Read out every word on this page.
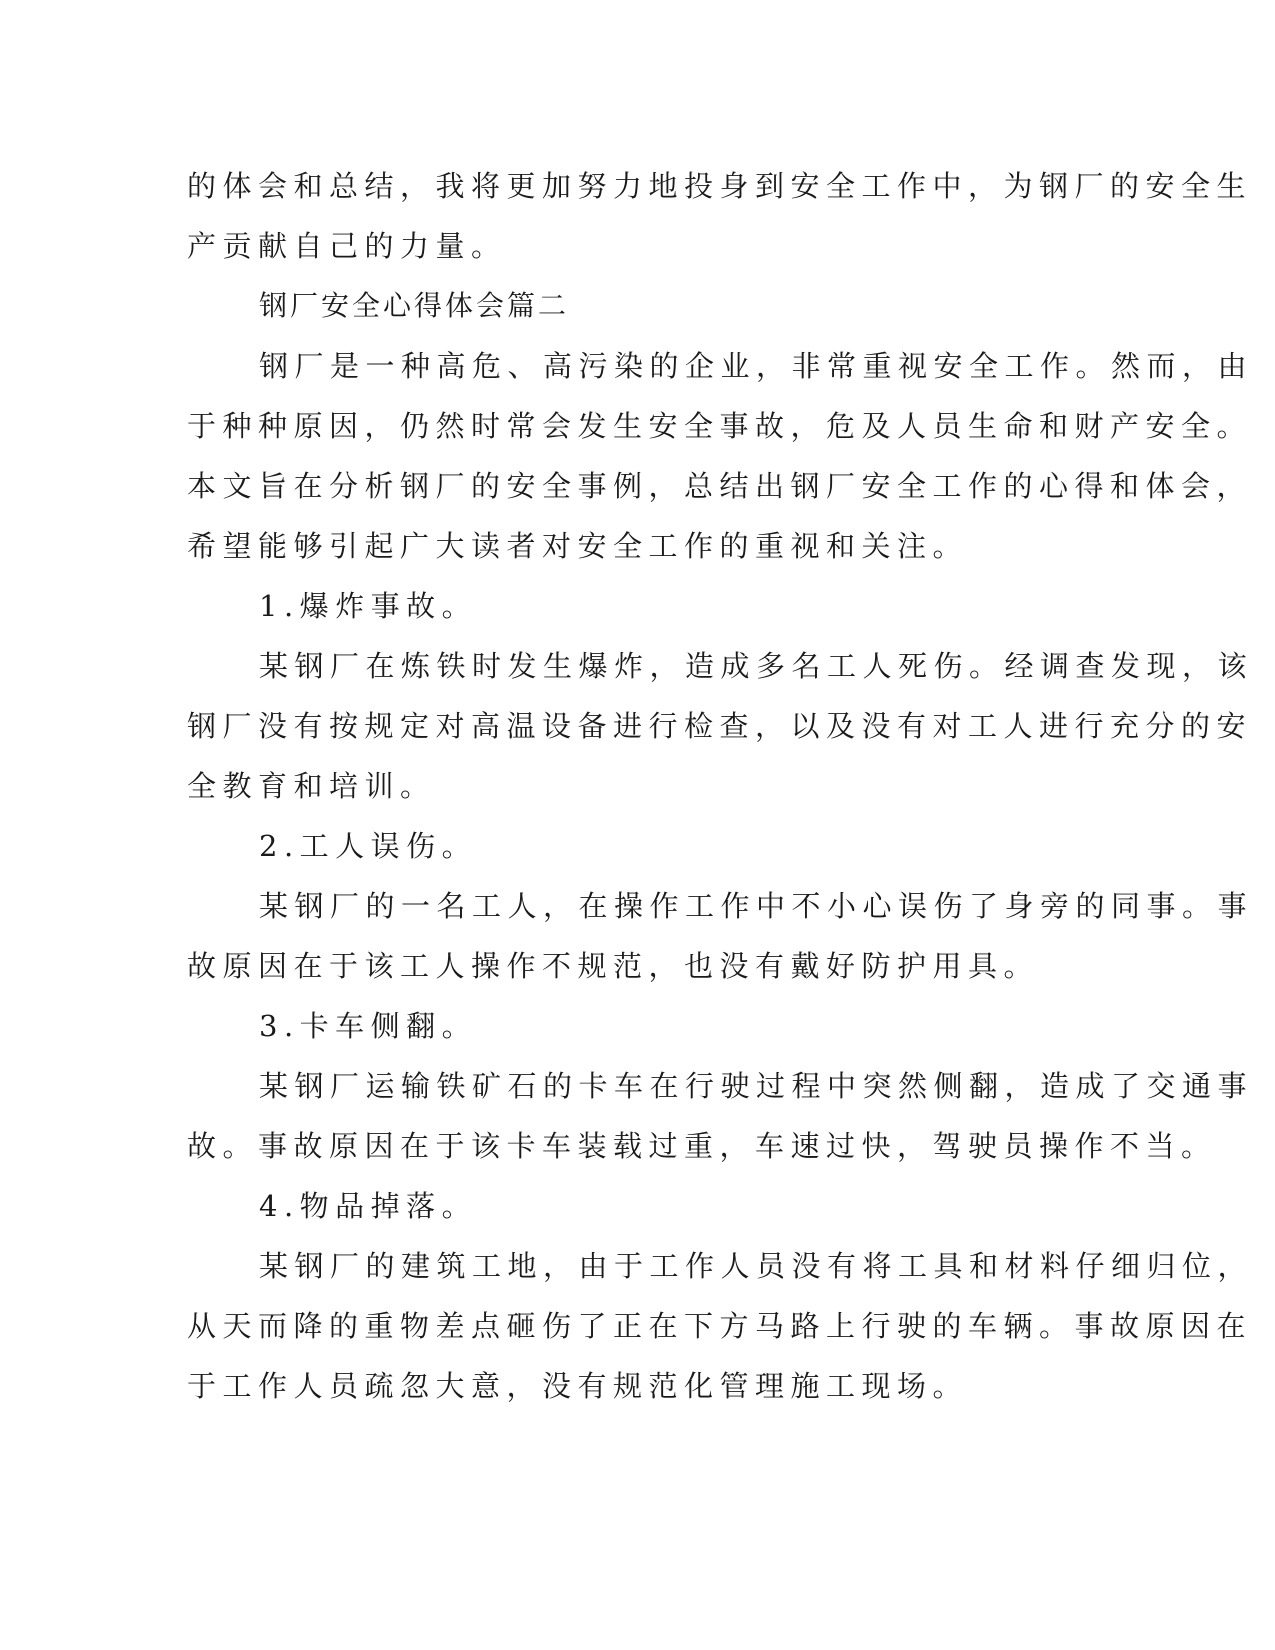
的体会和总结，我将更加努力地投身到安全工作中，为钢厂的安全生
产贡献自己的力量。
钢厂安全心得体会篇二
钢厂是一种高危、高污染的企业，非常重视安全工作。然而，由
于种种原因，仍然时常会发生安全事故，危及人员生命和财产安全。
本文旨在分析钢厂的安全事例，总结出钢厂安全工作的心得和体会，
希望能够引起广大读者对安全工作的重视和关注。
1.爆炸事故。
某钢厂在炼铁时发生爆炸，造成多名工人死伤。经调查发现，该
钢厂没有按规定对高温设备进行检查，以及没有对工人进行充分的安
全教育和培训。
2.工人误伤。
某钢厂的一名工人，在操作工作中不小心误伤了身旁的同事。事
故原因在于该工人操作不规范，也没有戴好防护用具。
3.卡车侧翻。
某钢厂运输铁矿石的卡车在行驶过程中突然侧翻，造成了交通事
故。事故原因在于该卡车装载过重，车速过快，驾驶员操作不当。
4.物品掉落。
某钢厂的建筑工地，由于工作人员没有将工具和材料仔细归位，
从天而降的重物差点砸伤了正在下方马路上行驶的车辆。事故原因在
于工作人员疏忽大意，没有规范化管理施工现场。
